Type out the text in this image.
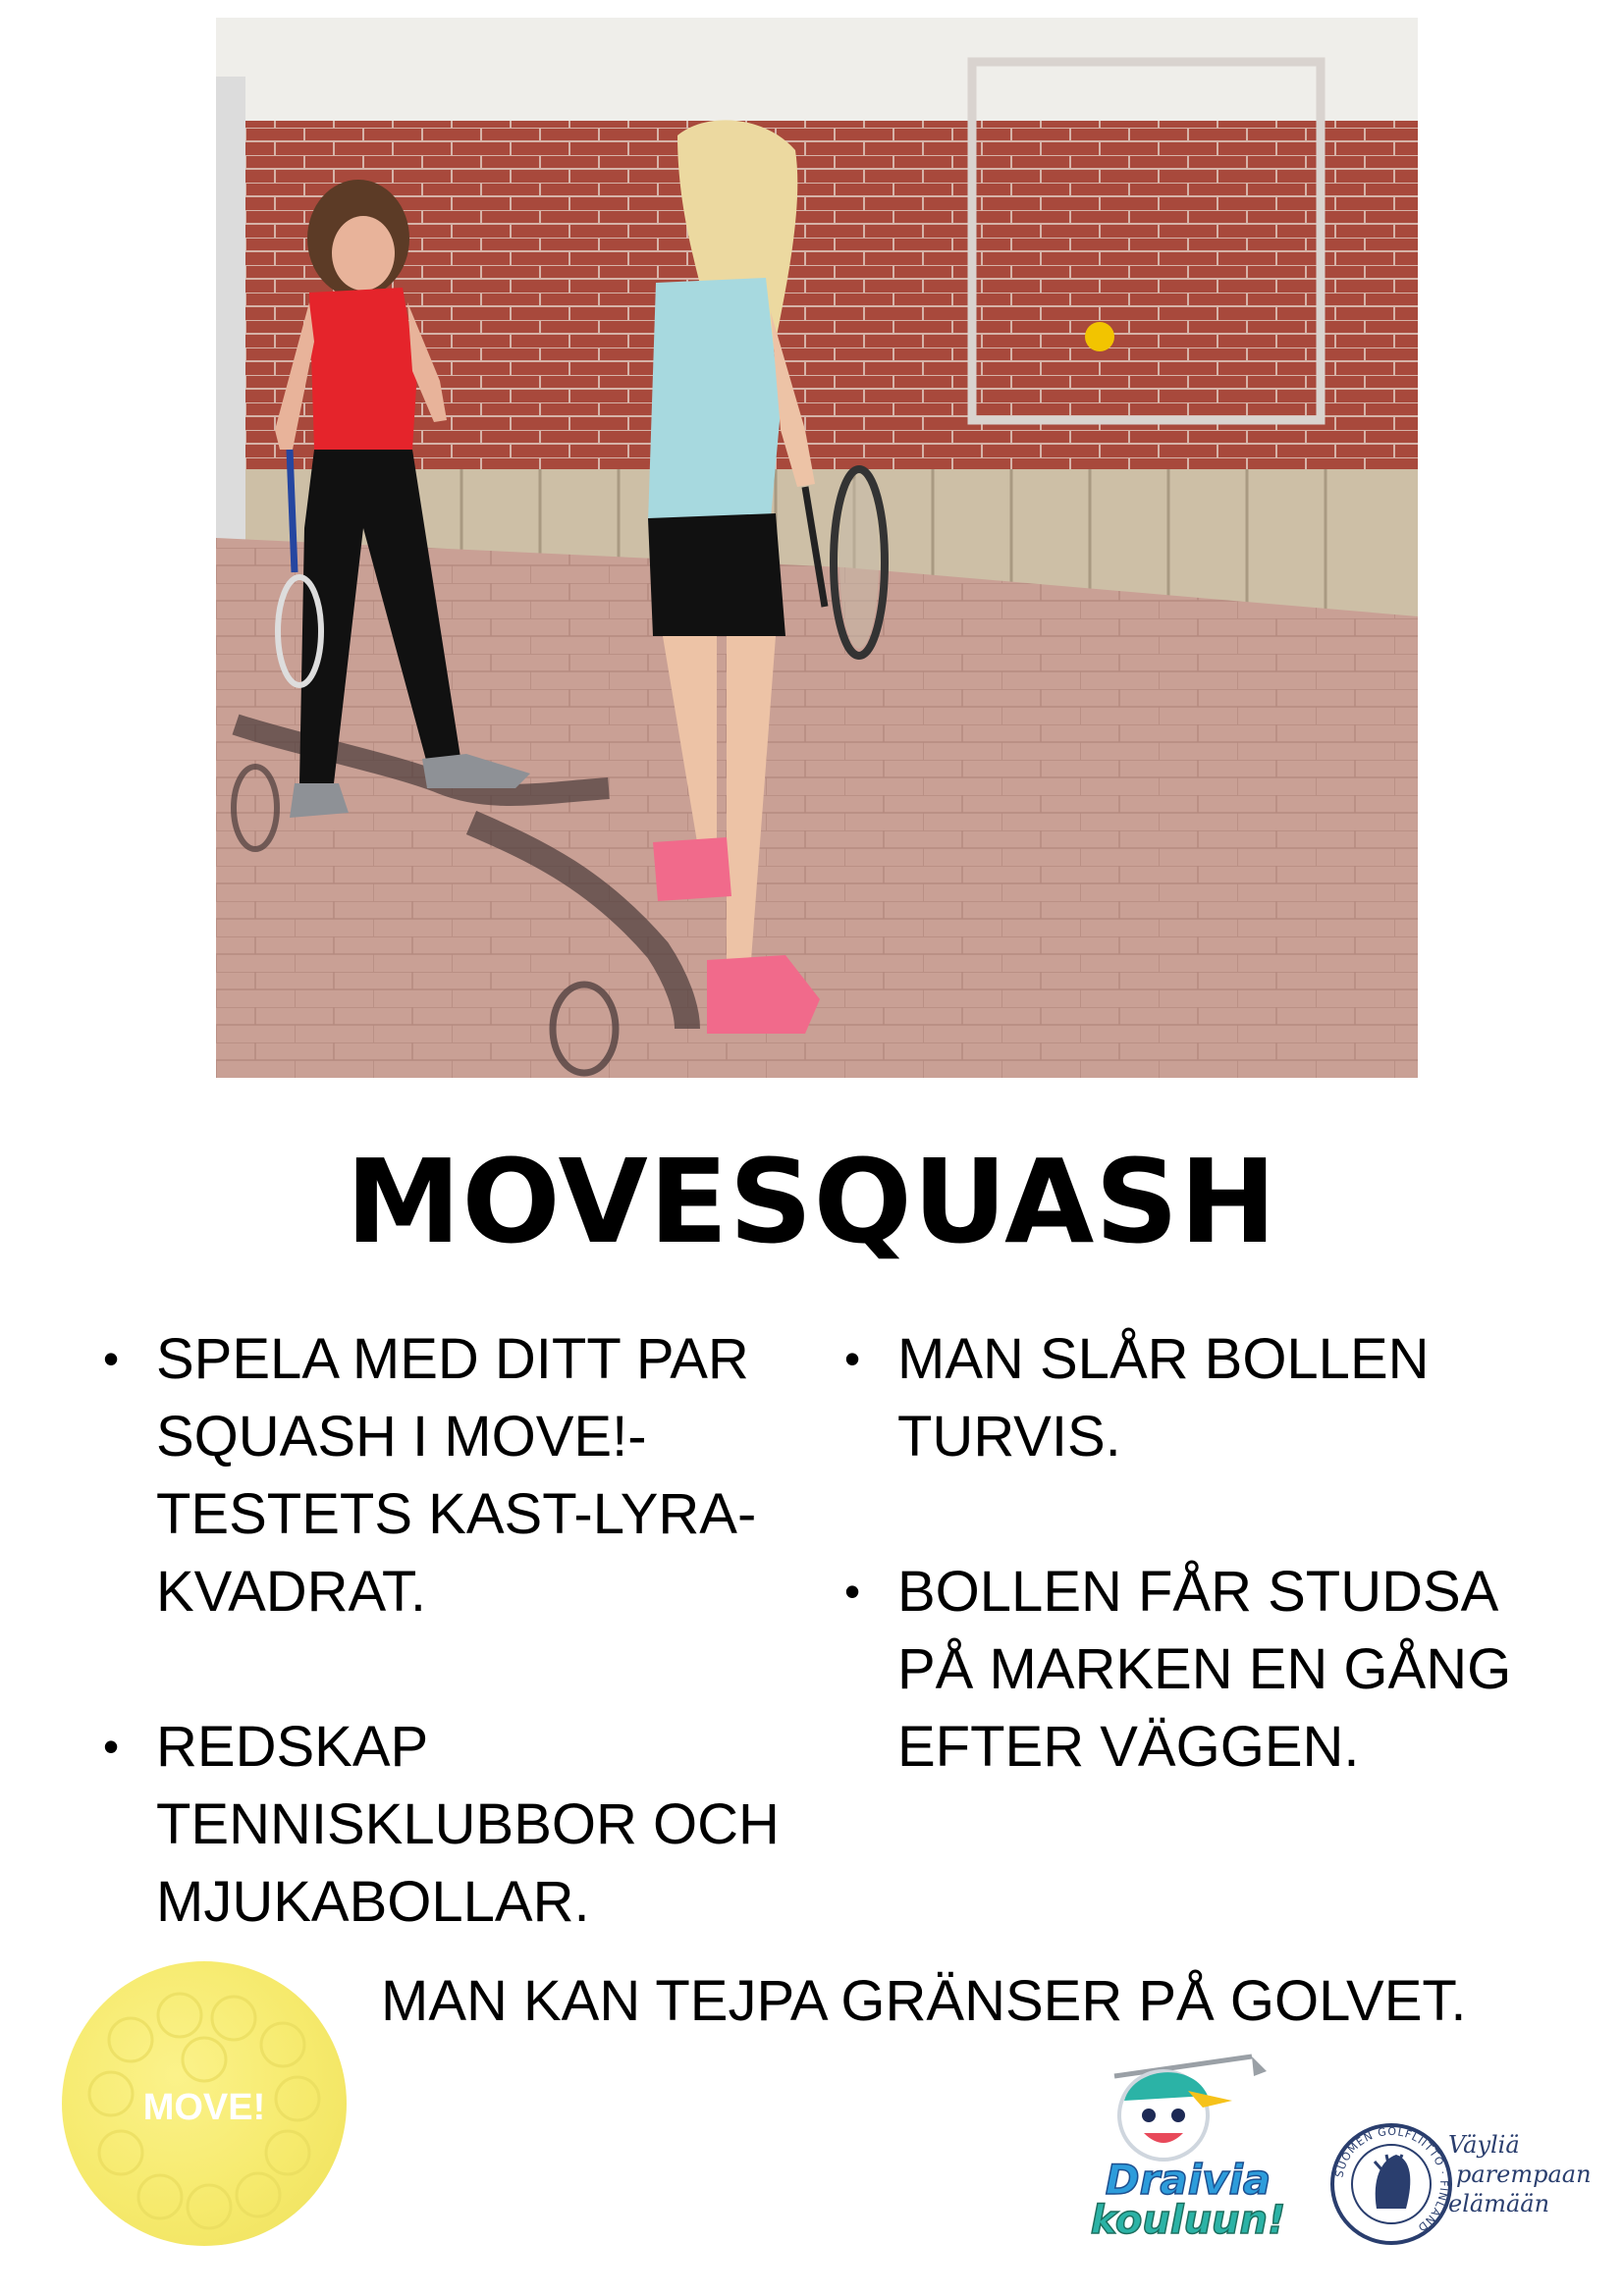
MOVESQUASH
• SPELA MED DITT PAR SQUASH I MOVE!-TESTETS KAST-LYRA-KVADRAT.
• REDSKAP TENNISKLUBBOR OCH MJUKABOLLAR.
• MAN SLÅR BOLLEN TURVIS.
• BOLLEN FÅR STUDSA PÅ MARKEN EN GÅNG EFTER VÄGGEN.
MAN KAN TEJPA GRÄNSER PÅ GOLVET.
MOVE!
Draivia
kouluun!
SUOMEN GOLFLIITTO · FINLAND
Väyliä
parempaan
elämään
